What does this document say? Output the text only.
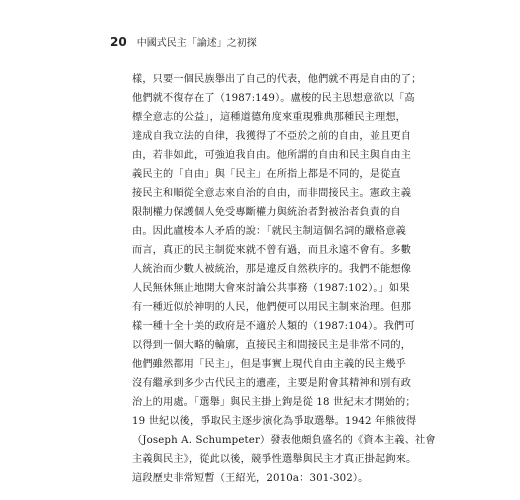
20 中國式民主「論述」之初探
樣，只要一個民族舉出了自己的代表，他們就不再是自由的了；
他們就不復存在了（1987:149）。盧梭的民主思想意欲以「高
標全意志的公益」，這種道德角度來重現雅典那種民主理想，
達成自我立法的自律，我獲得了不亞於之前的自由，並且更自
由，若非如此，可強迫我自由。他所謂的自由和民主與自由主
義民主的「自由」與「民主」在所指上都是不同的，是從直
接民主和順從全意志來自治的自由，而非間接民主。憲政主義
限制權力保護個人免受專斷權力與統治者對被治者負責的自
由。因此盧梭本人矛盾的說：「就民主制這個名詞的嚴格意義
而言，真正的民主制從來就不曾有過，而且永遠不會有。多數
人統治而少數人被統治，那是違反自然秩序的。我們不能想像
人民無休無止地開大會來討論公共事務（1987:102）。」如果
有一種近似於神明的人民，他們便可以用民主制來治理。但那
樣一種十全十美的政府是不適於人類的（1987:104）。我們可
以得到一個大略的輪廓，直接民主和間接民主是非常不同的，
他們雖然都用「民主」，但是事實上現代自由主義的民主幾乎
沒有繼承到多少古代民主的遺產，主要是附會其精神和別有政
治上的用處。「選舉」與民主掛上鉤是從 18 世紀末才開始的；
19 世紀以後，爭取民主逐步演化為爭取選舉。1942 年熊彼得
（Joseph A. Schumpeter）發表他頗負盛名的《資本主義、社會
主義與民主》，從此以後，競爭性選舉與民主才真正掛起鉤來。
這段歷史非常短暫（王紹光，2010a：301-302）。
